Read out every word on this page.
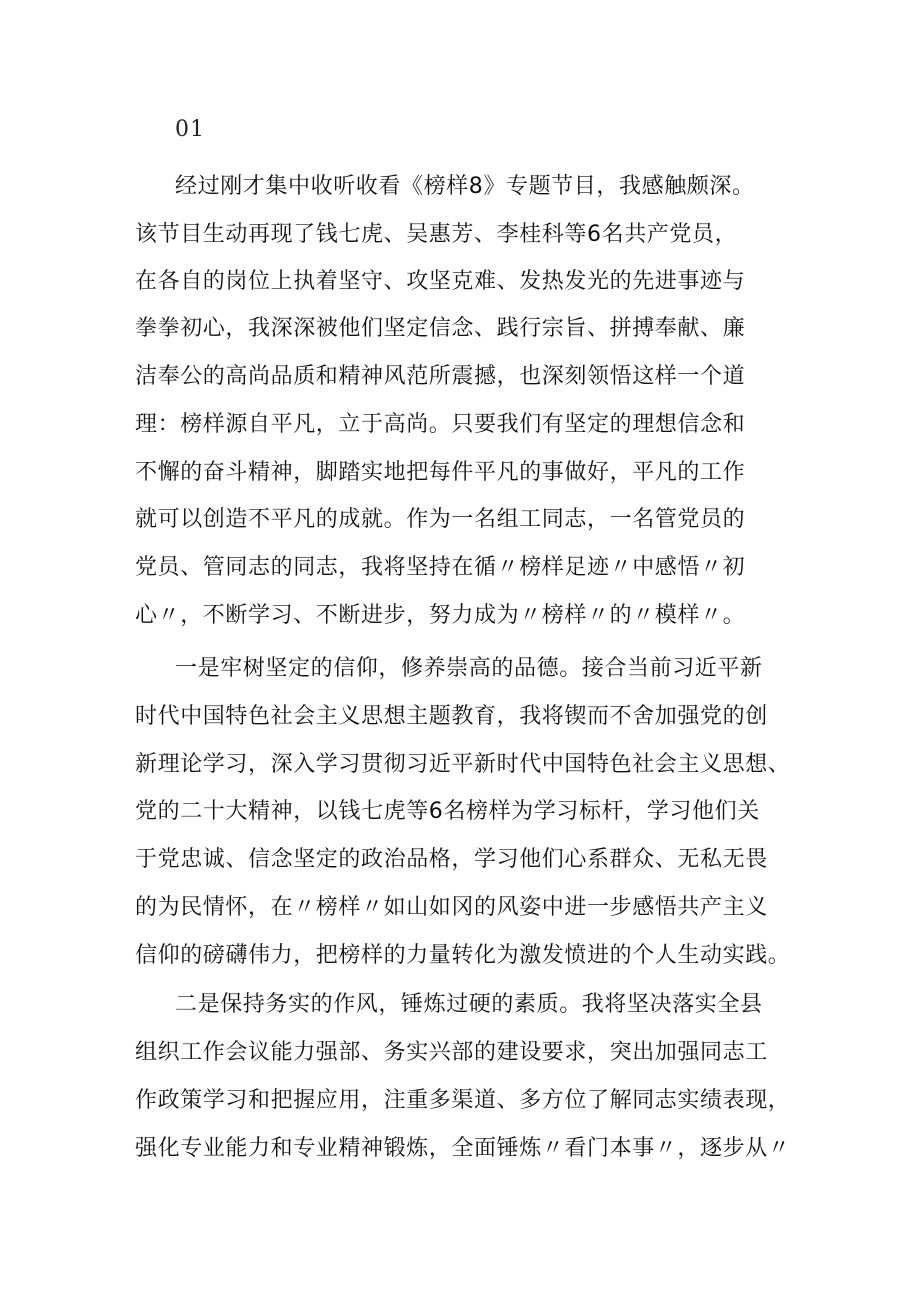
01
经过刚才集中收听收看《榜样8》专题节目，我感触颇深。
该节目生动再现了钱七虎、吴惠芳、李桂科等6名共产党员，
在各自的岗位上执着坚守、攻坚克难、发热发光的先进事迹与
拳拳初心，我深深被他们坚定信念、践行宗旨、拼搏奉献、廉
洁奉公的高尚品质和精神风范所震撼，也深刻领悟这样一个道
理：榜样源自平凡，立于高尚。只要我们有坚定的理想信念和
不懈的奋斗精神，脚踏实地把每件平凡的事做好，平凡的工作
就可以创造不平凡的成就。作为一名组工同志，一名管党员的
党员、管同志的同志，我将坚持在循〃榜样足迹〃中感悟〃初
心〃，不断学习、不断进步，努力成为〃榜样〃的〃模样〃。
一是牢树坚定的信仰，修养崇高的品德。接合当前习近平新
时代中国特色社会主义思想主题教育，我将锲而不舍加强党的创
新理论学习，深入学习贯彻习近平新时代中国特色社会主义思想、
党的二十大精神，以钱七虎等6名榜样为学习标杆，学习他们关
于党忠诚、信念坚定的政治品格，学习他们心系群众、无私无畏
的为民情怀，在〃榜样〃如山如冈的风姿中进一步感悟共产主义
信仰的磅礴伟力，把榜样的力量转化为激发愤进的个人生动实践。
二是保持务实的作风，锤炼过硬的素质。我将坚决落实全县
组织工作会议能力强部、务实兴部的建设要求，突出加强同志工
作政策学习和把握应用，注重多渠道、多方位了解同志实绩表现，
强化专业能力和专业精神锻炼，全面锤炼〃看门本事〃，逐步从〃
